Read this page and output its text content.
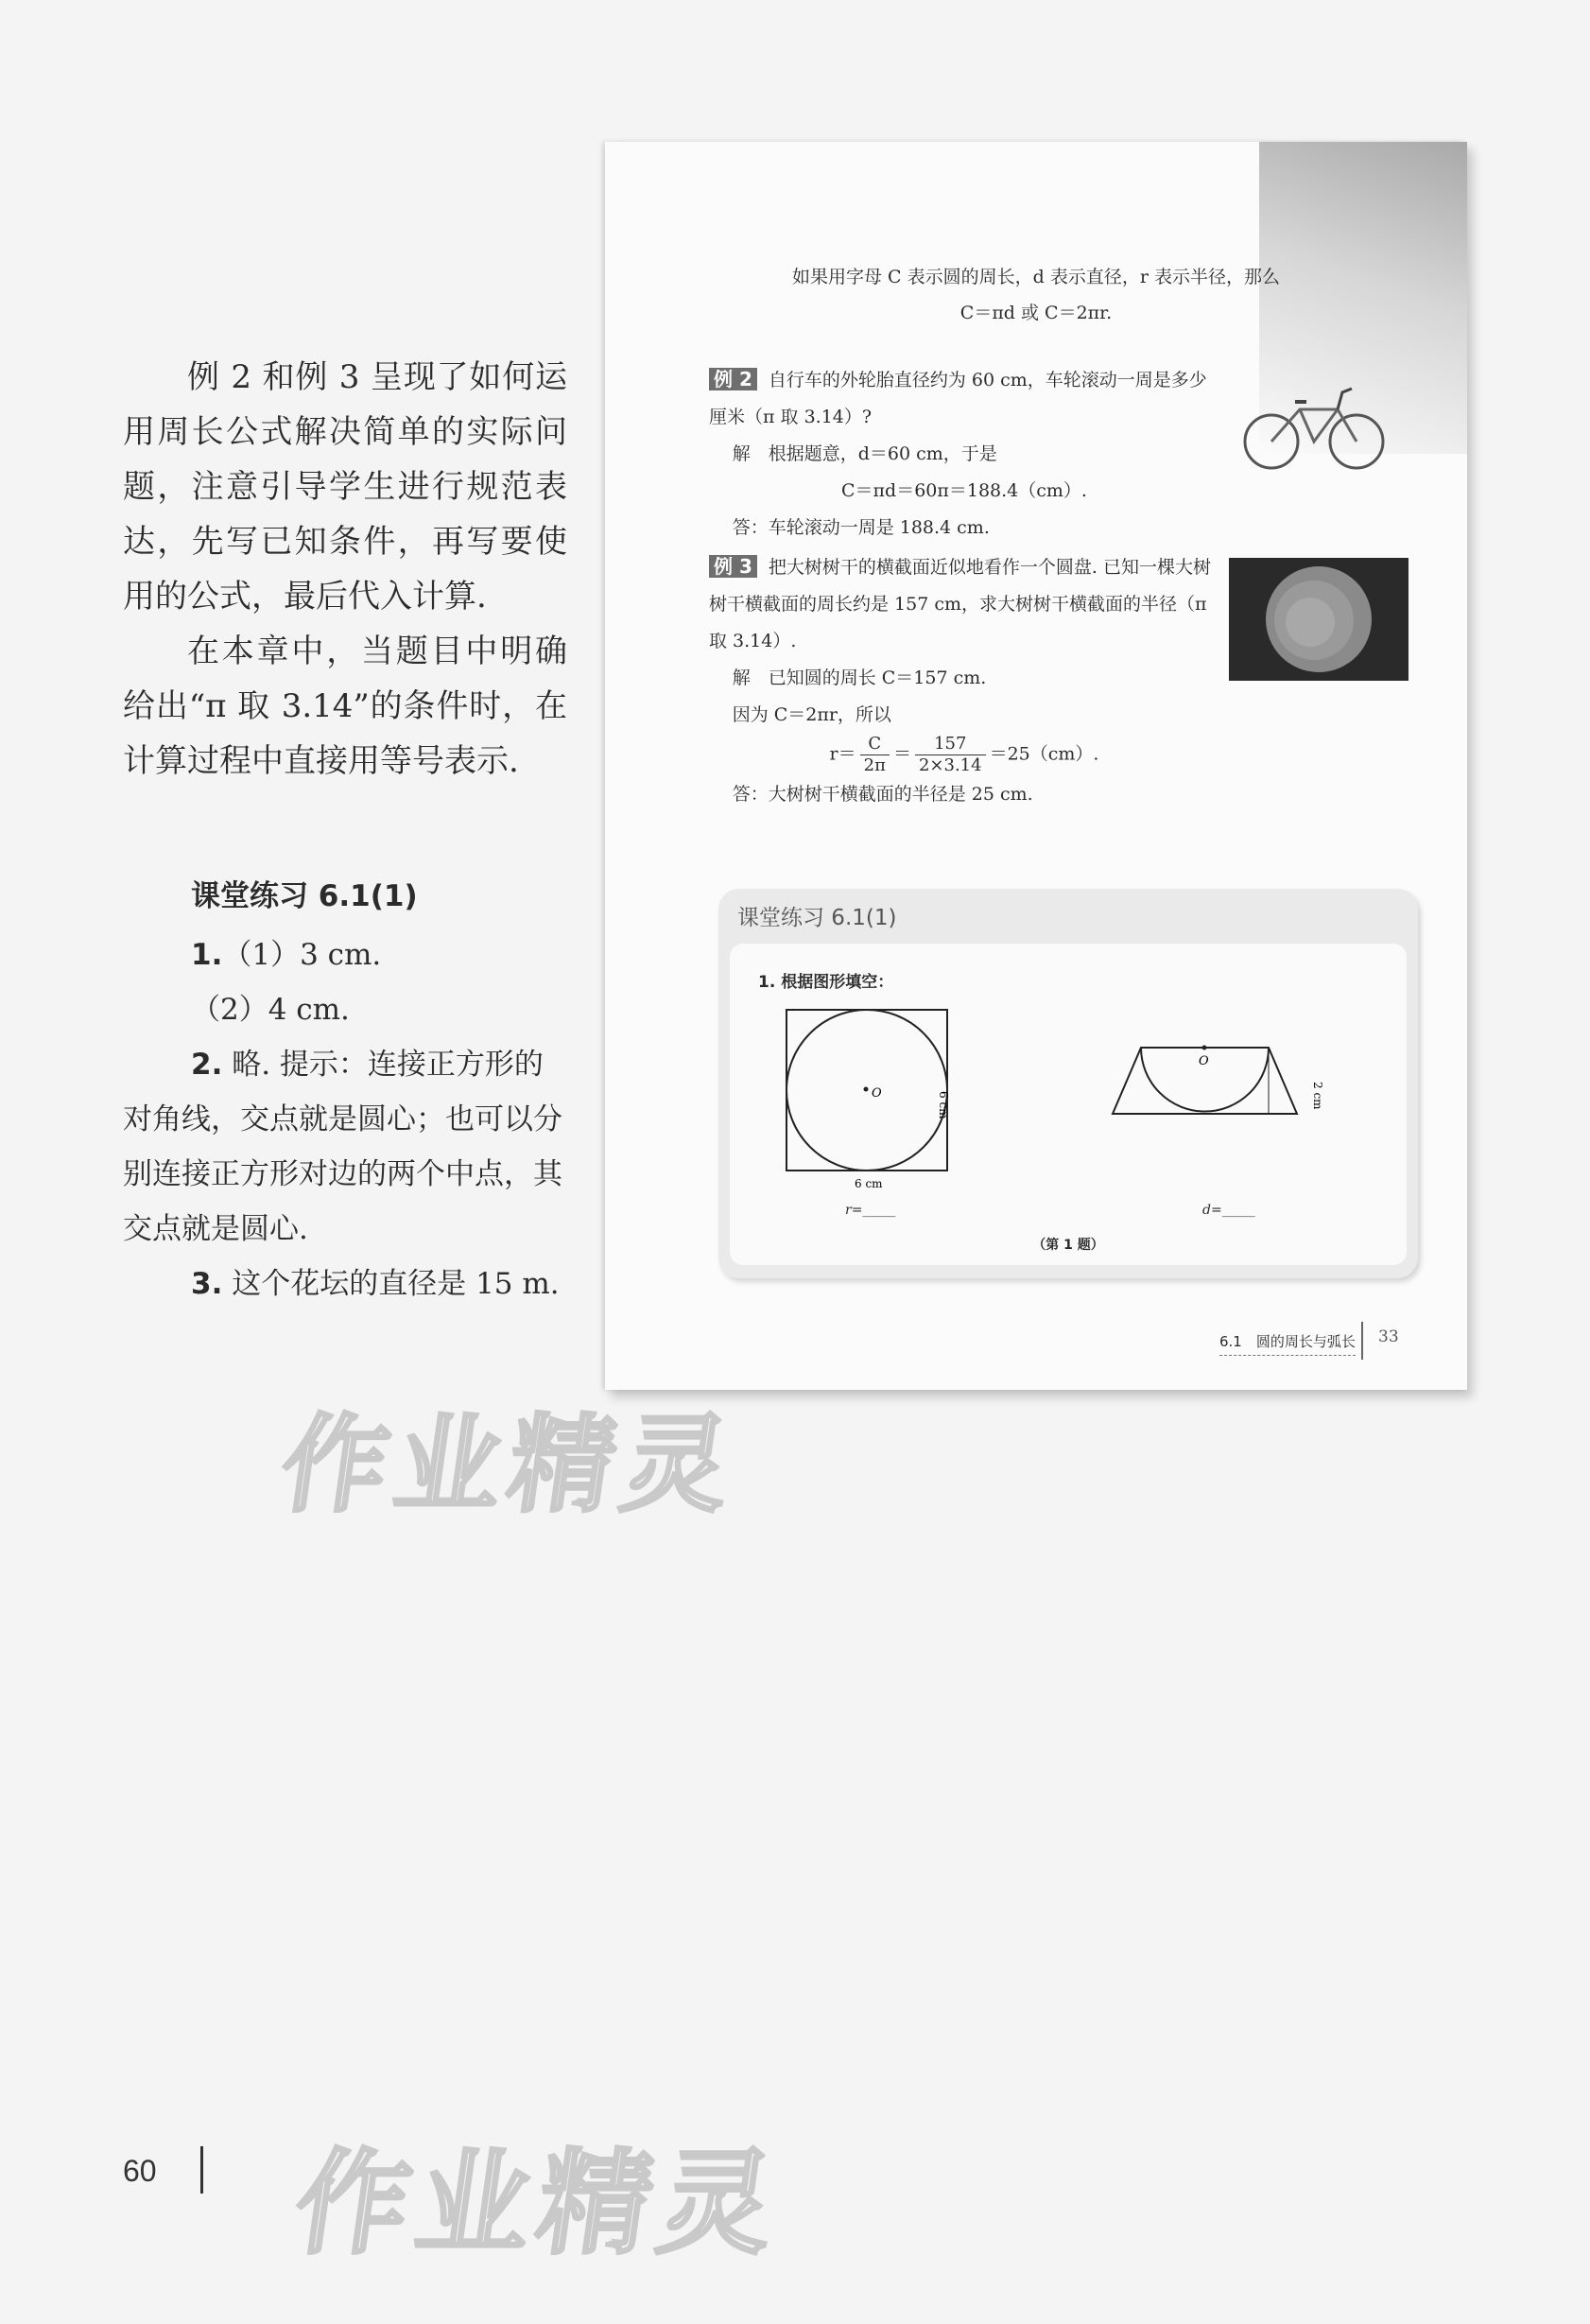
例 2 和例 3 呈现了如何运用周长公式解决简单的实际问题，注意引导学生进行规范表达，先写已知条件，再写要使用的公式，最后代入计算.

在本章中，当题目中明确给出“π 取 3.14”的条件时，在计算过程中直接用等号表示.

课堂练习 6.1(1)

1.（1）3 cm.

（2）4 cm.

2. 略. 提示：连接正方形的对角线，交点就是圆心；也可以分别连接正方形对边的两个中点，其交点就是圆心.

3. 这个花坛的直径是 15 m.

如果用字母 C 表示圆的周长，d 表示直径，r 表示半径，那么
C＝πd 或 C＝2πr.

例 2 自行车的外轮胎直径约为 60 cm，车轮滚动一周是多少厘米（π 取 3.14）?

解　根据题意，d＝60 cm，于是

C＝πd＝60π＝188.4（cm）.

答：车轮滚动一周是 188.4 cm.

例 3 把大树树干的横截面近似地看作一个圆盘. 已知一棵大树树干横截面的周长约是 157 cm，求大树树干横截面的半径（π 取 3.14）.

解　已知圆的周长 C＝157 cm.

因为 C＝2πr，所以

$r= \frac{C}{2\pi} = \frac{157}{2\times 3.14} =25(cm)$.

答：大树树干横截面的半径是 25 cm.

课堂练习 6.1(1)
1. 根据图形填空：
O	6 cm
6 cm
r=_____
O
2 cm
d=_____
（第 1 题）
6.1　圆的周长与弧长 33
作业精灵
作业精灵
60
